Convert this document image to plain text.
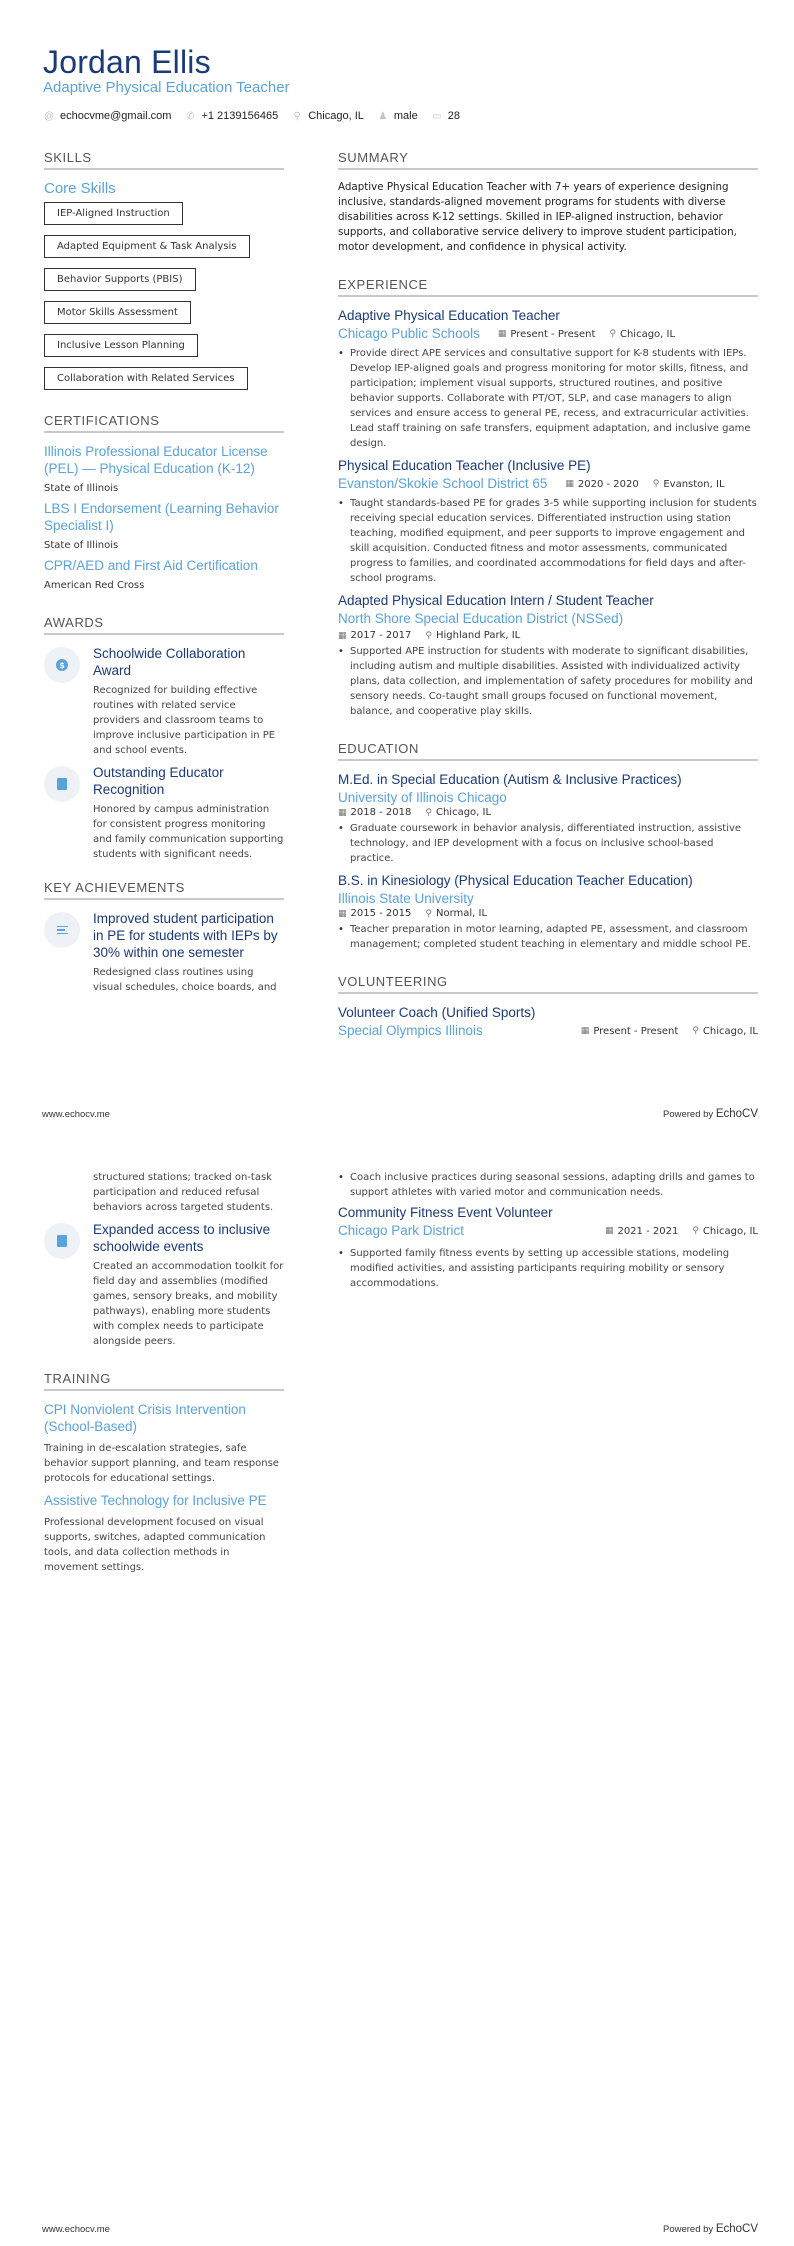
Jordan Ellis
Adaptive Physical Education Teacher
@ echocvme@gmail.com ✆ +1 2139156465 ⚲ Chicago, IL ♟ male ▭ 28
SKILLS
Core Skills
IEP-Aligned Instruction
Adapted Equipment & Task Analysis
Behavior Supports (PBIS)
Motor Skills Assessment
Inclusive Lesson Planning
Collaboration with Related Services
CERTIFICATIONS
Illinois Professional Educator License (PEL) — Physical Education (K-12)
State of Illinois
LBS I Endorsement (Learning Behavior Specialist I)
State of Illinois
CPR/AED and First Aid Certification
American Red Cross
AWARDS
$
Schoolwide Collaboration Award
Recognized for building effective routines with related service providers and classroom teams to improve inclusive participation in PE and school events.
Outstanding Educator Recognition
Honored by campus administration for consistent progress monitoring and family communication supporting students with significant needs.
KEY ACHIEVEMENTS
Improved student participation in PE for students with IEPs by 30% within one semester
Redesigned class routines using visual schedules, choice boards, and
SUMMARY
Adaptive Physical Education Teacher with 7+ years of experience designing inclusive, standards-aligned movement programs for students with diverse disabilities across K-12 settings. Skilled in IEP-aligned instruction, behavior supports, and collaborative service delivery to improve student participation, motor development, and confidence in physical activity.
EXPERIENCE
Adaptive Physical Education Teacher
Chicago Public Schools ▦ Present - Present ⚲ Chicago, IL
• Provide direct APE services and consultative support for K-8 students with IEPs. Develop IEP-aligned goals and progress monitoring for motor skills, fitness, and participation; implement visual supports, structured routines, and positive behavior supports. Collaborate with PT/OT, SLP, and case managers to align services and ensure access to general PE, recess, and extracurricular activities. Lead staff training on safe transfers, equipment adaptation, and inclusive game design.
Physical Education Teacher (Inclusive PE)
Evanston/Skokie School District 65 ▦ 2020 - 2020 ⚲ Evanston, IL
• Taught standards-based PE for grades 3-5 while supporting inclusion for students receiving special education services. Differentiated instruction using station teaching, modified equipment, and peer supports to improve engagement and skill acquisition. Conducted fitness and motor assessments, communicated progress to families, and coordinated accommodations for field days and after-school programs.
Adapted Physical Education Intern / Student Teacher
North Shore Special Education District (NSSed)
▦ 2017 - 2017 ⚲ Highland Park, IL
• Supported APE instruction for students with moderate to significant disabilities, including autism and multiple disabilities. Assisted with individualized activity plans, data collection, and implementation of safety procedures for mobility and sensory needs. Co-taught small groups focused on functional movement, balance, and cooperative play skills.
EDUCATION
M.Ed. in Special Education (Autism & Inclusive Practices)
University of Illinois Chicago
▦ 2018 - 2018 ⚲ Chicago, IL
• Graduate coursework in behavior analysis, differentiated instruction, assistive technology, and IEP development with a focus on inclusive school-based practice.
B.S. in Kinesiology (Physical Education Teacher Education)
Illinois State University
▦ 2015 - 2015 ⚲ Normal, IL
• Teacher preparation in motor learning, adapted PE, assessment, and classroom management; completed student teaching in elementary and middle school PE.
VOLUNTEERING
Volunteer Coach (Unified Sports)
Special Olympics Illinois	▦ Present - Present ⚲ Chicago, IL
www.echocv.me	Powered by EchoCV
structured stations; tracked on-task participation and reduced refusal behaviors across targeted students.
Expanded access to inclusive schoolwide events
Created an accommodation toolkit for field day and assemblies (modified games, sensory breaks, and mobility pathways), enabling more students with complex needs to participate alongside peers.
TRAINING
CPI Nonviolent Crisis Intervention (School-Based)
Training in de-escalation strategies, safe behavior support planning, and team response protocols for educational settings.
Assistive Technology for Inclusive PE
Professional development focused on visual supports, switches, adapted communication tools, and data collection methods in movement settings.
• Coach inclusive practices during seasonal sessions, adapting drills and games to support athletes with varied motor and communication needs.
Community Fitness Event Volunteer
Chicago Park District	▦ 2021 - 2021 ⚲ Chicago, IL
• Supported family fitness events by setting up accessible stations, modeling modified activities, and assisting participants requiring mobility or sensory accommodations.
www.echocv.me	Powered by EchoCV
